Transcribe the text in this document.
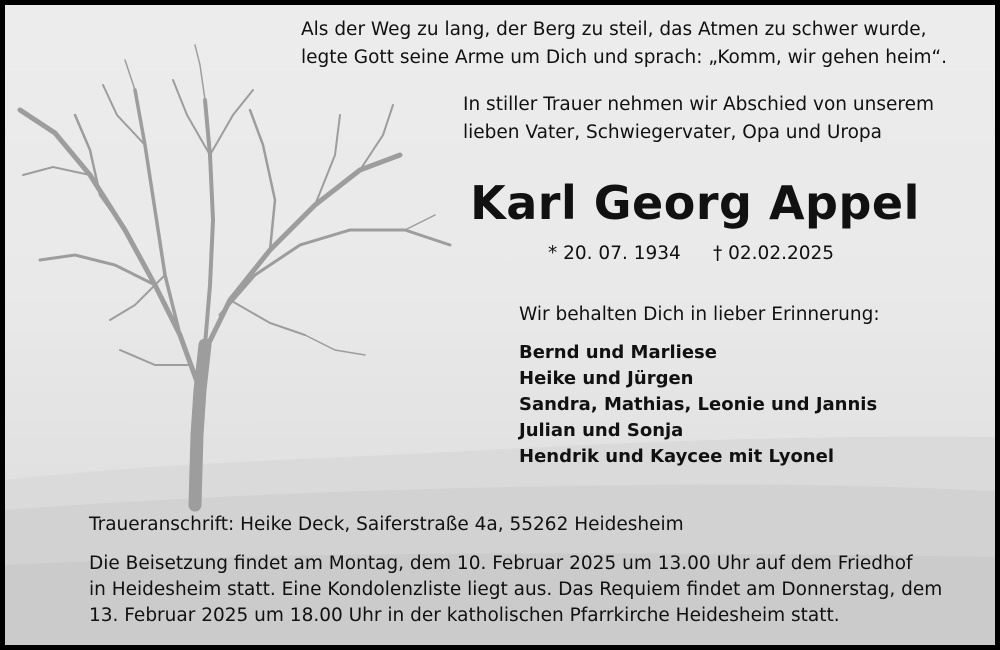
Als der Weg zu lang, der Berg zu steil, das Atmen zu schwer wurde,
legte Gott seine Arme um Dich und sprach: „Komm, wir gehen heim“.
In stiller Trauer nehmen wir Abschied von unserem
lieben Vater, Schwiegervater, Opa und Uropa
Karl Georg Appel
* 20. 07. 1934 † 02.02.2025
Wir behalten Dich in lieber Erinnerung:
Bernd und Marliese
Heike und Jürgen
Sandra, Mathias, Leonie und Jannis
Julian und Sonja
Hendrik und Kaycee mit Lyonel
Traueranschrift: Heike Deck, Saiferstraße 4a, 55262 Heidesheim
Die Beisetzung findet am Montag, dem 10. Februar 2025 um 13.00 Uhr auf dem Friedhof
in Heidesheim statt. Eine Kondolenzliste liegt aus. Das Requiem findet am Donnerstag, dem
13. Februar 2025 um 18.00 Uhr in der katholischen Pfarrkirche Heidesheim statt.
